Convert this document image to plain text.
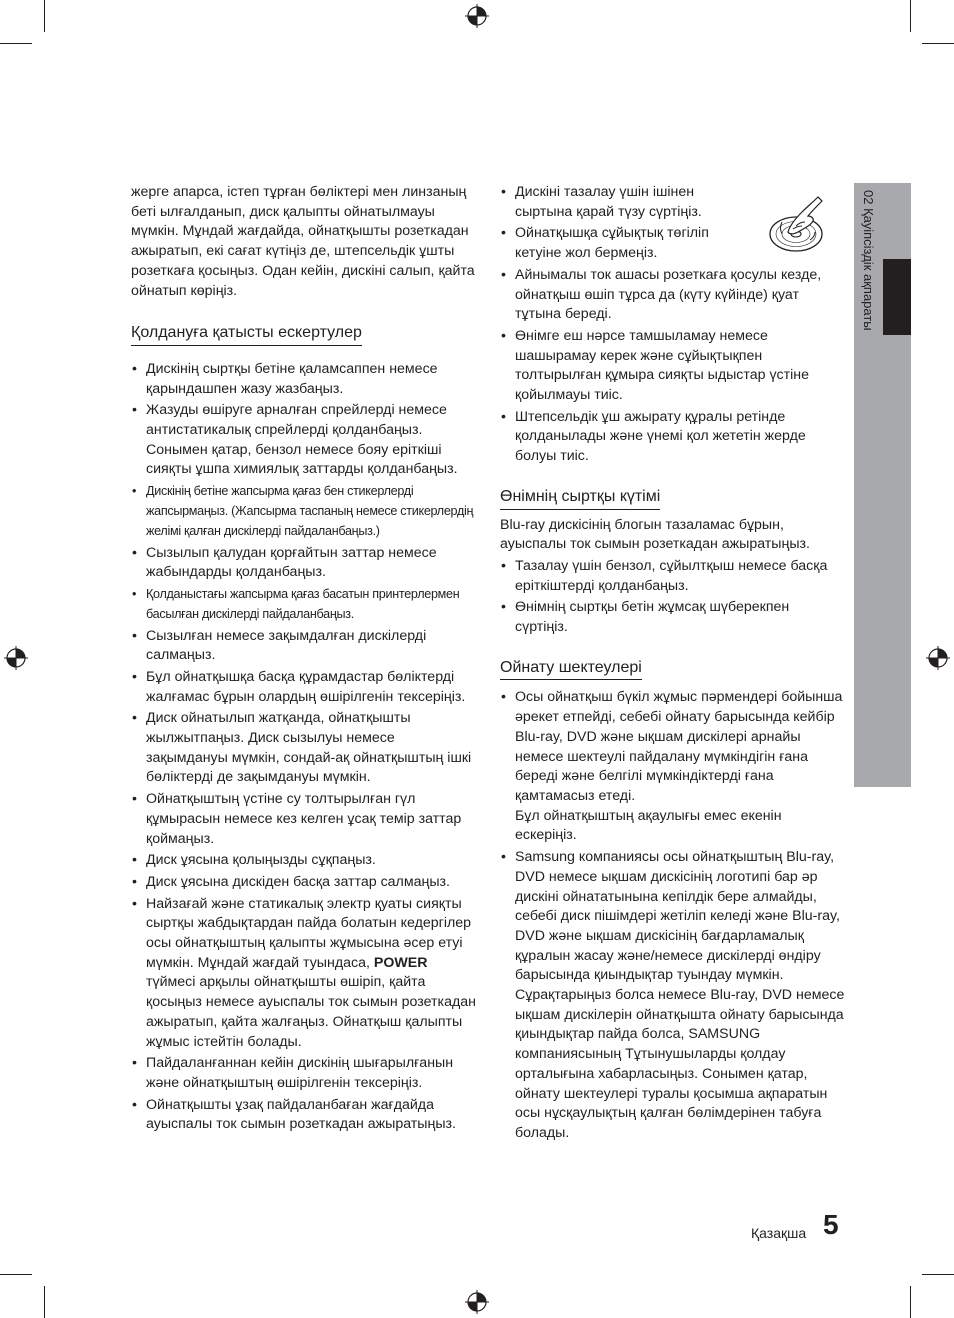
02 Қауіпсіздік ақпараты

жерге апарса, істеп тұрған бөліктері мен линзаның беті ылғалданып, диск қалыпты ойнатылмауы мүмкін. Мұндай жағдайда, ойнатқышты розеткадан ажыратып, екі сағат күтіңіз де, штепсельдік ұшты розеткаға қосыңыз. Одан кейін, дискіні салып, қайта ойнатып көріңіз.

Қолдануға қатысты ескертулер
• Дискінің сыртқы бетіне қаламсаппен немесе қарындашпен жазу жазбаңыз.
• Жазуды өшіруге арналған спрейлерді немесе антистатикалық спрейлерді қолданбаңыз. Сонымен қатар, бензол немесе бояу ерiткiшi сияқты ұшпа химиялық заттарды қолданбаңыз.
• Дискінің бетіне жапсырма қағаз бен стикерлерді жапсырмаңыз. (Жапсырма таспаның немесе стикерлердің желімі қалған дискілерді пайдаланбаңыз.)
• Сызылып қалудан қорғайтын заттар немесе жабындарды қолданбаңыз.
• Қолданыстағы жапсырма қағаз басатын принтерлермен басылған дискілерді пайдаланбаңыз.
• Сызылған немесе зақымдалған дискілерді салмаңыз.
• Бұл ойнатқышқа басқа құрамдастар бөліктерді жалғамас бұрын олардың өшірілгенін тексеріңіз.
• Диск ойнатылып жатқанда, ойнатқышты жылжытпаңыз. Диск сызылуы немесе зақымдануы мүмкін, сондай-ақ ойнатқыштың ішкі бөліктерді де зақымдануы мүмкін.
• Ойнатқыштың үстіне су толтырылған гүл құмырасын немесе кез келген ұсақ темір заттар қоймаңыз.
• Диск ұясына қолыңызды сұқпаңыз.
• Диск ұясына дискіден басқа заттар салмаңыз.
• Найзағай және статикалық электр қуаты сияқты сыртқы жабдықтардан пайда болатын кедергілер осы ойнатқыштың қалыпты жұмысына әсер етуі мүмкін. Мұндай жағдай туындаса, POWER түймесі арқылы ойнатқышты өшіріп, қайта қосыңыз немесе ауыспалы ток сымын розеткадан ажыратып, қайта жалғаңыз. Ойнатқыш қалыпты жұмыс істейтін болады.
• Пайдаланғаннан кейін дискінің шығарылғанын және ойнатқыштың өшірілгенін тексеріңіз.
• Ойнатқышты ұзақ пайдаланбаған жағдайда ауыспалы ток сымын розеткадан ажыратыңыз.
• Дискіні тазалау үшін ішінен сыртына қарай түзу сүртіңіз.
• Ойнатқышқа сұйықтық төгіліп кетуіне жол бермеңіз.
• Айнымалы ток ашасы розеткаға қосулы кезде, ойнатқыш өшіп тұрса да (күту күйінде) қуат тұтына береді.
• Өнімге еш нәрсе тамшыламау немесе шашырамау керек және сұйықтықпен толтырылған құмыра сияқты ыдыстар үстіне қойылмауы тиіс.
• Штепсельдік ұш ажырату құралы ретінде қолданылады және үнемі қол жететін жерде болуы тиіс.
Өнімнің сыртқы күтімі

Blu-ray дискісінің блогын тазаламас бұрын, ауыспалы ток сымын розеткадан ажыратыңыз.

• Тазалау үшін бензол, сұйылтқыш немесе басқа еріткіштерді қолданбаңыз.
• Өнімнің сыртқы бетін жұмсақ шүберекпен сүртіңіз.
Ойнату шектеулері
• Осы ойнатқыш бүкіл жұмыс пәрмендері бойынша әрекет етпейді, себебі ойнату барысында кейбір Blu-ray, DVD және ықшам дискілері арнайы немесе шектеулі пайдалану мүмкіндігін ғана береді және белгілі мүмкіндіктерді ғана қамтамасыз етеді.
Бұл ойнатқыштың ақаулығы емес екенін ескеріңіз.
• Samsung компаниясы осы ойнатқыштың Blu-ray, DVD немесе ықшам дискісінің логотипі бар әр дискіні ойнататынына кепілдік бере алмайды, себебі диск пішімдері жетіліп келеді және Blu-ray, DVD және ықшам дискісінің бағдарламалық құралын жасау және/немесе дискілерді өндіру барысында қиындықтар туындау мүмкін.
Сұрақтарыңыз болса немесе Blu-ray, DVD немесе ықшам дискілерін ойнатқышта ойнату барысында қиындықтар пайда болса, SAMSUNG компаниясының Тұтынушыларды қолдау орталығына хабарласыңыз. Сонымен қатар, ойнату шектеулері туралы қосымша ақпаратын осы нұсқаулықтың қалған бөлімдерінен табуға болады.
Қазақша 5
